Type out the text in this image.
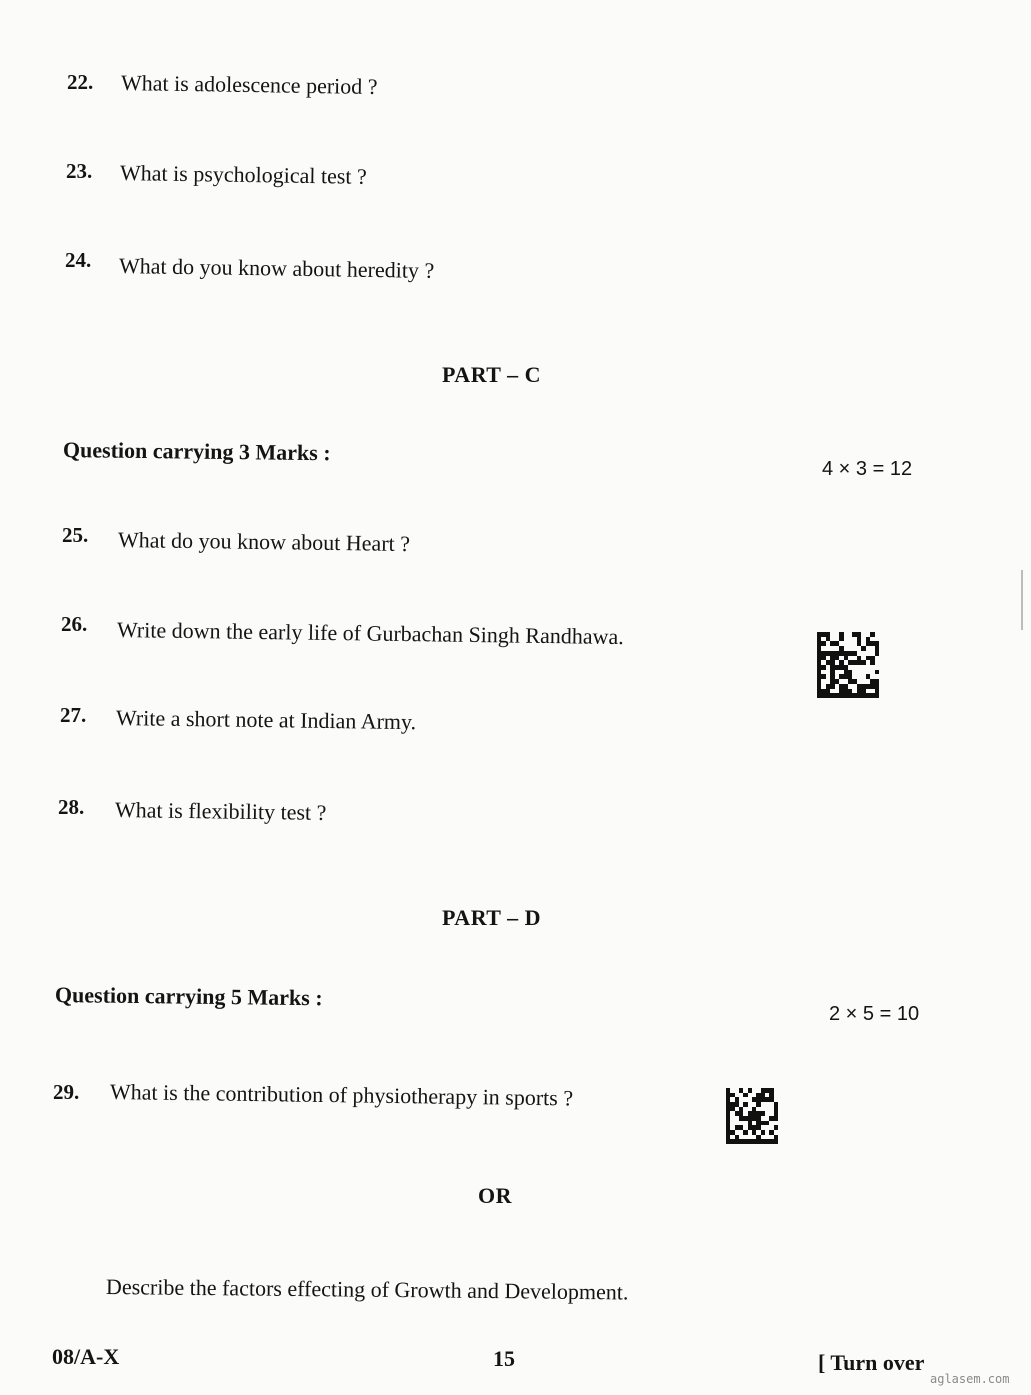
22. What is adolescence period ?
23. What is psychological test ?
24. What do you know about heredity ?
PART – C
Question carrying 3 Marks :
4 × 3 = 12
25. What do you know about Heart ?
26. Write down the early life of Gurbachan Singh Randhawa.
27. Write a short note at Indian Army.
28. What is flexibility test ?
PART – D
Question carrying 5 Marks :
2 × 5 = 10
29. What is the contribution of physiotherapy in sports ?
OR
Describe the factors effecting of Growth and Development.
08/A-X	15	[ Turn over
aglasem.com
